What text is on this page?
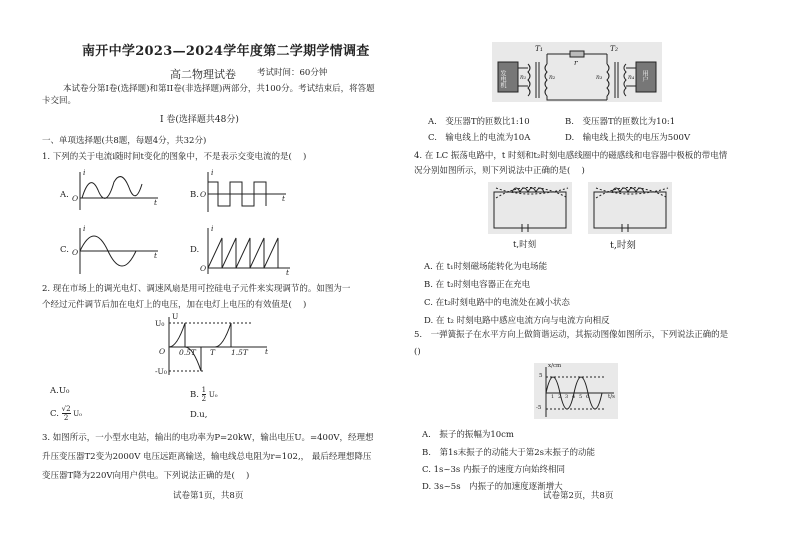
南开中学2023—2024学年度第二学期学情调查
高二物理试卷 考试时间：60分钟
本试卷分第I卷(选择题)和第II卷(非选择题)两部分，共100分。考试结束后，将答题
卡交回。
I 卷(选择题共48分)
一、单项选择题(共8题，每题4分，共32分)
1. 下列的关于电流i随时间t变化的图象中，不是表示交变电流的是(　 )
A.	B.
C.	D.
i
t
O
i
t
O
i
t
O
i
t
O
2. 现在市场上的调光电灯、调速风扇是用可控硅电子元件来实现调节的。如图为一
个经过元件调节后加在电灯上的电压，加在电灯上电压的有效值是(　 )
U₀
-U₀
U
t
O 0.5T T 1.5T
A.U₀	B. $\frac{1}{2} U_0$
C. $\frac{√2}{2} U_0$	D.u,
3. 如图所示，一小型水电站，输出的电功率为P=20kW，输出电压U。=400V，经理想
升压变压器T2变为2000V 电压远距离输送，输电线总电阻为r=102,， 最后经理想降压
变压器T降为220V向用户供电。下列说法正确的是(　 )
试卷第1页，共8页
发电机	用户
T₁	T₂
r
n₁	n₂	n₃	n₄
A.　变压器T的匝数比1:10	B.　变压器T的匝数比为10:1
C.　输电线上的电流为10A	D.　输电线上损失的电压为500V
4. 在 LC 振荡电路中，t 时刻和t₂时刻电感线圈中的磁感线和电容器中极板的带电情
况分别如图所示，则下列说法中正确的是(　 )
t,时刻	t,时刻
A. 在 t₁时刻磁场能转化为电场能
B. 在 t₂时刻电容器正在充电
C. 在t₂时刻电路中的电流处在减小状态
D. 在 t₂ 时刻电路中感应电流方向与电流方向相反
5.　一弹簧振子在水平方向上做简谐运动，其振动图像如图所示，下列说法正确的是
()
x/cm
t/s
5
-5
1 2 3 4 5 6
A.　振子的振幅为10cm
B.　第1s末振子的动能大于第2s末振子的动能
C. 1s~3s 内振子的速度方向始终相同
D. 3s~5s　内振子的加速度逐渐增大
试卷第2页，共8页
